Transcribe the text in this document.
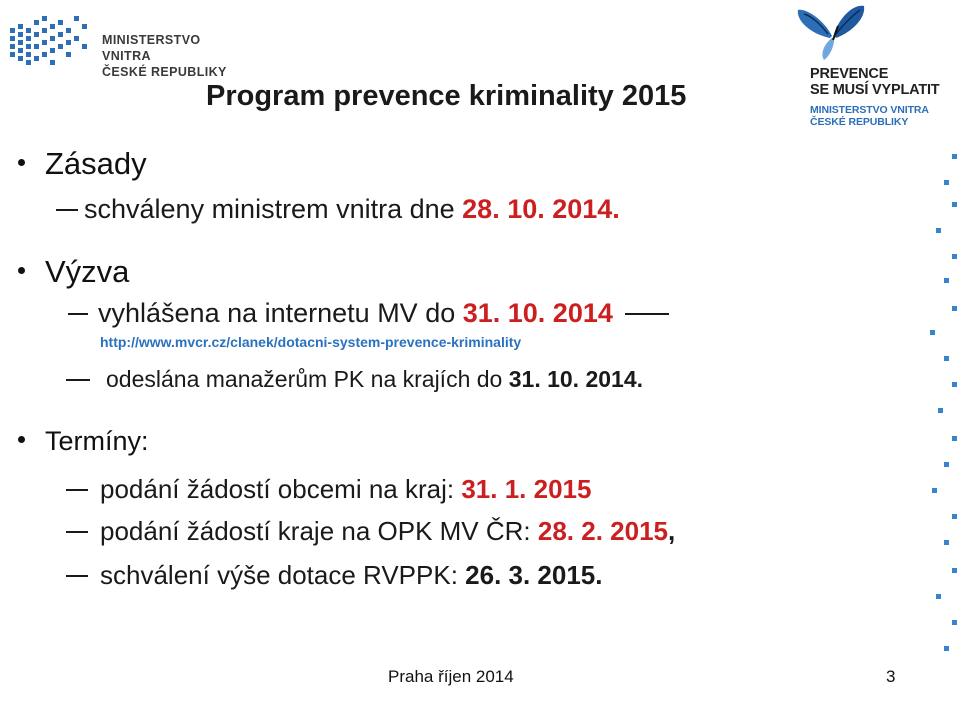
MINISTERSTVO VNITRA
ČESKÉ REPUBLIKY	PREVENCE
SE MUSÍ VYPLATIT
MINISTERSTVO VNITRA
ČESKÉ REPUBLIKY
Program prevence kriminality 2015
Zásady
schváleny ministrem vnitra dne 28. 10. 2014.
Výzva
vyhlášena na internetu MV do 31. 10. 2014
http://www.mvcr.cz/clanek/dotacni-system-prevence-kriminality
odeslána manažerům PK na krajích do 31. 10. 2014.
Termíny:
podání žádostí obcemi na kraj: 31. 1. 2015
podání žádostí kraje na OPK MV ČR: 28. 2. 2015,
schválení výše dotace RVPPK: 26. 3. 2015.
Praha říjen 2014	3
